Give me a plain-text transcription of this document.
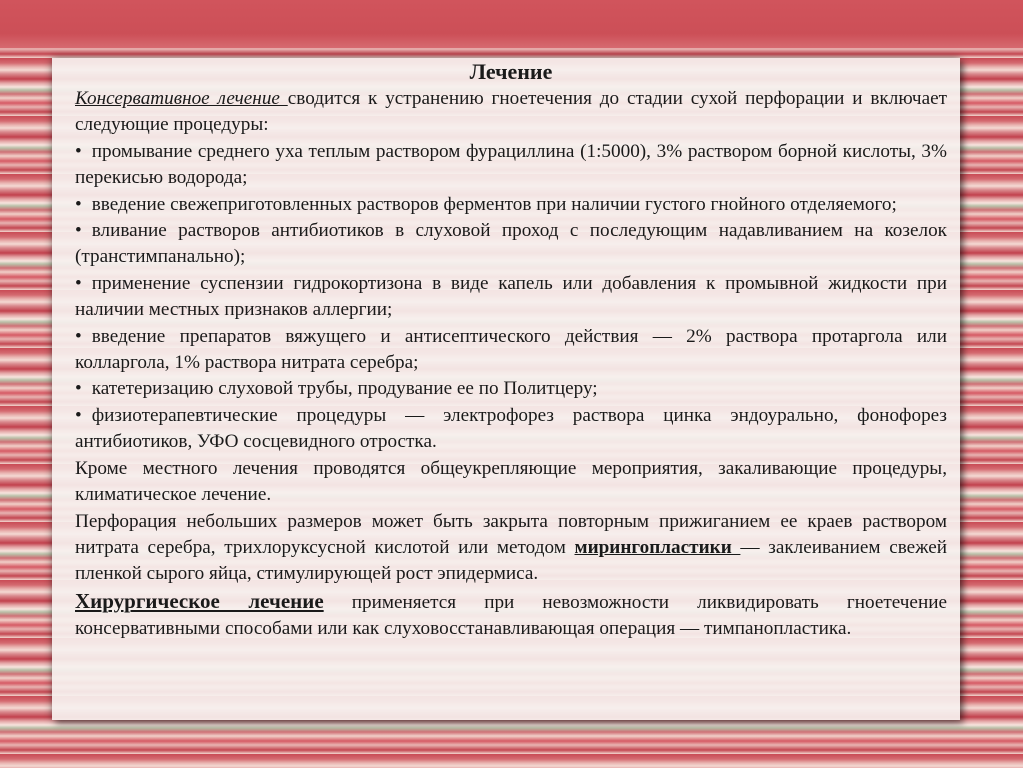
Лечение

Консервативное лечение сводится к устранению гноетечения до стадии сухой перфорации и включает следующие процедуры:

• промывание среднего уха теплым раствором фурациллина (1:5000), 3% раствором борной кислоты, 3% перекисью водорода;

• введение свежеприготовленных растворов ферментов при наличии густого гнойного отделяемого;

• вливание растворов антибиотиков в слуховой проход с последующим надавливанием на козелок (транстимпанально);

• применение суспензии гидрокортизона в виде капель или добавления к промывной жидкости при наличии местных признаков аллергии;

• введение препаратов вяжущего и антисептического действия — 2% раствора протаргола или колларгола, 1% раствора нитрата серебра;

• катетеризацию слуховой трубы, продувание ее по Политцеру;

• физиотерапевтические процедуры — электрофорез раствора цинка эндоурально, фонофорез антибиотиков, УФО сосцевидного отростка.

Кроме местного лечения проводятся общеукрепляющие мероприятия, закаливающие процедуры, климатическое лечение.

Перфорация небольших размеров может быть закрыта повторным прижиганием ее краев раствором нитрата серебра, трихлоруксусной кислотой или методом мирингопластики — заклеиванием свежей пленкой сырого яйца, стимулирующей рост эпидермиса.

Хирургическое лечение применяется при невозможности ликвидировать гноетечение консервативными способами или как слуховосстанавливающая операция — тимпанопластика.
